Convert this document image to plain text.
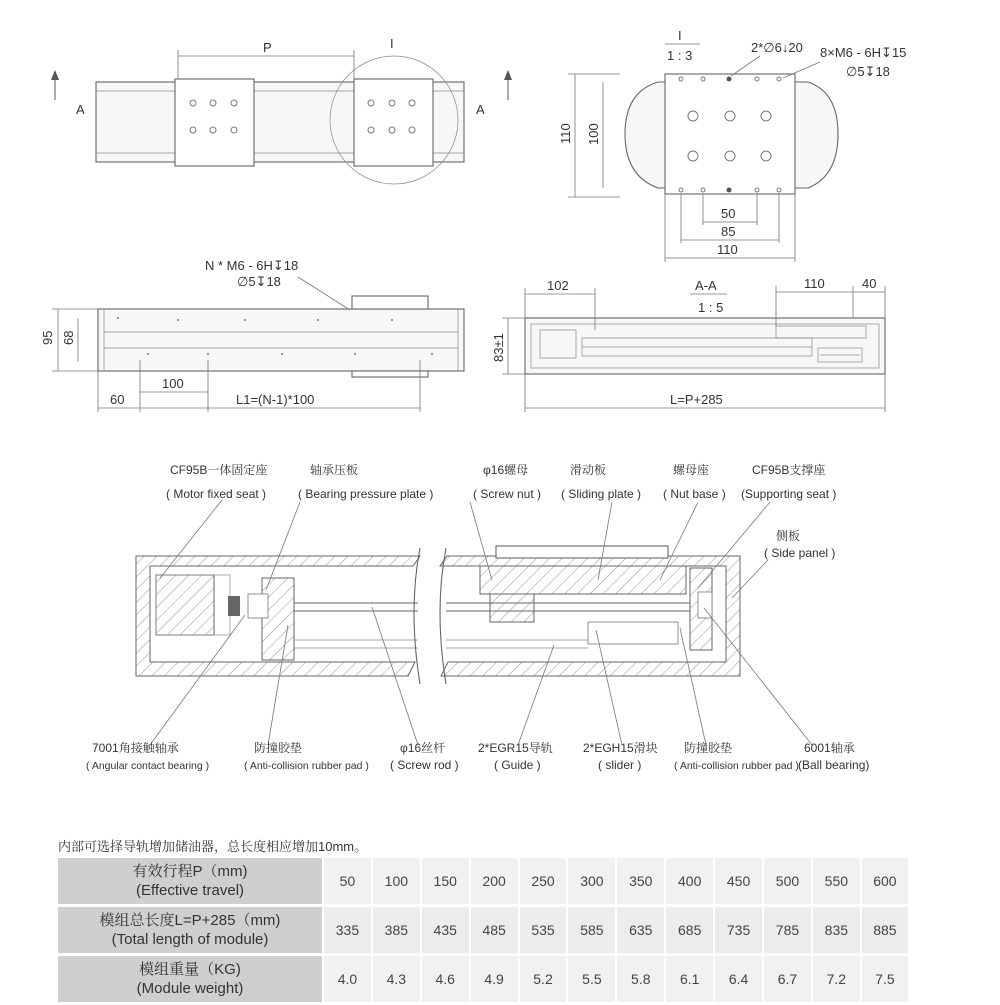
P	I
A	A
I
1 : 3
2*∅6↓20 8×M6 - 6H↧15
∅5↧18
110 100
50
85
110
N * M6 - 6H↧18
∅5↧18
95 68
100
60	L1=(N-1)*100
102	A-A
1 : 5
110	40
83±1
L=P+285
CF95B一体固定座
( Motor fixed seat )
轴承压板
( Bearing pressure plate )
φ16螺母
( Screw nut )
滑动板
( Sliding plate )
螺母座
( Nut base )
CF95B支撑座
(Supporting seat )
侧板
( Side panel )
7001角接触轴承
( Angular contact bearing )
防撞胶垫
( Anti-collision rubber pad )
φ16丝杆
( Screw rod )
2*EGR15导轨
( Guide )
2*EGH15滑块
( slider )
防撞胶垫
( Anti-collision rubber pad )
6001轴承
(Ball bearing)
内部可选择导轨增加储油器，总长度相应增加10mm。
有效行程P（mm)
(Effective travel)	50	100	150	200	250	300	350	400	450	500	550	600

模组总长度L=P+285（mm)
(Total length of module)	335	385	435	485	535	585	635	685	735	785	835	885

模组重量（KG)
(Module weight)	4.0	4.3	4.6	4.9	5.2	5.5	5.8	6.1	6.4	6.7	7.2	7.5
